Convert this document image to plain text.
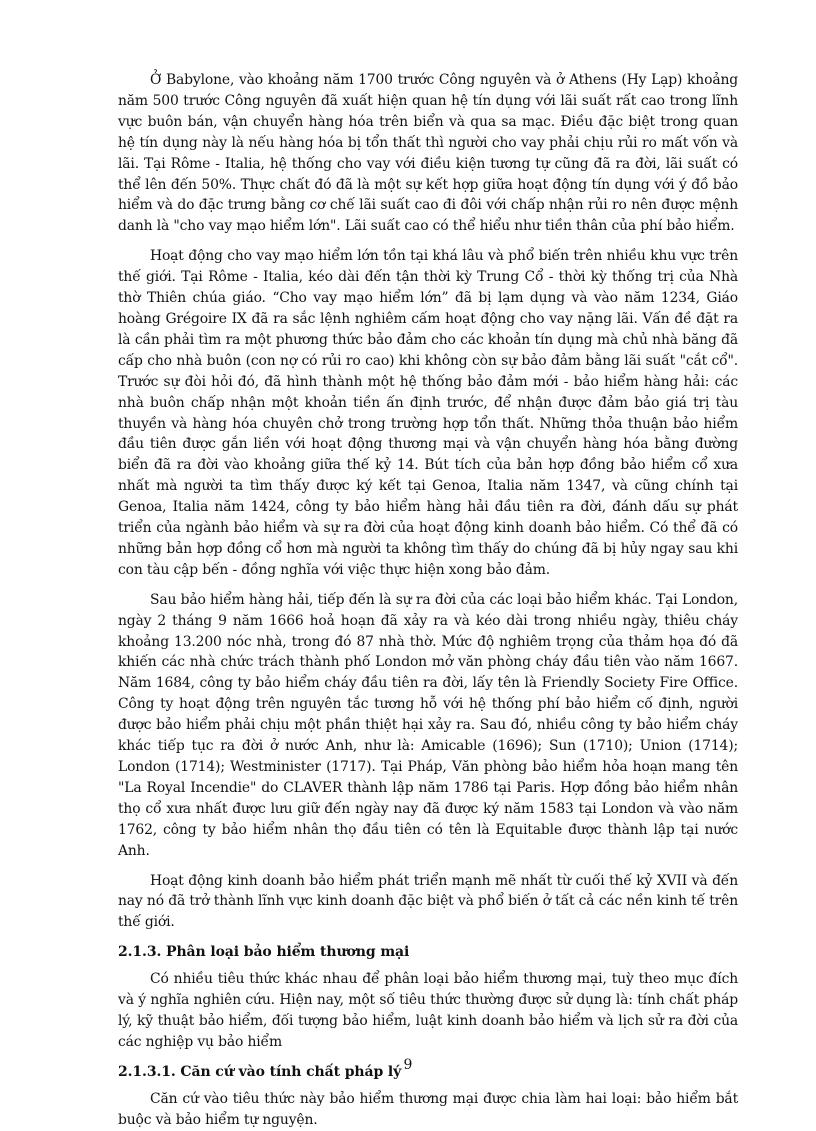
Ở Babylone, vào khoảng năm 1700 trước Công nguyên và ở Athens (Hy Lạp) khoảng năm 500 trước Công nguyên đã xuất hiện quan hệ tín dụng với lãi suất rất cao trong lĩnh vực buôn bán, vận chuyển hàng hóa trên biển và qua sa mạc. Điều đặc biệt trong quan hệ tín dụng này là nếu hàng hóa bị tổn thất thì người cho vay phải chịu rủi ro mất vốn và lãi. Tại Rôme - Italia, hệ thống cho vay với điều kiện tương tự cũng đã ra đời, lãi suất có thể lên đến 50%. Thực chất đó đã là một sự kết hợp giữa hoạt động tín dụng với ý đồ bảo hiểm và do đặc trưng bằng cơ chế lãi suất cao đi đôi với chấp nhận rủi ro nên được mệnh danh là "cho vay mạo hiểm lớn". Lãi suất cao có thể hiểu như tiền thân của phí bảo hiểm.

Hoạt động cho vay mạo hiểm lớn tồn tại khá lâu và phổ biến trên nhiều khu vực trên thế giới. Tại Rôme - Italia, kéo dài đến tận thời kỳ Trung Cổ - thời kỳ thống trị của Nhà thờ Thiên chúa giáo. “Cho vay mạo hiểm lớn” đã bị lạm dụng và vào năm 1234, Giáo hoàng Grégoire IX đã ra sắc lệnh nghiêm cấm hoạt động cho vay nặng lãi. Vấn đề đặt ra là cần phải tìm ra một phương thức bảo đảm cho các khoản tín dụng mà chủ nhà băng đã cấp cho nhà buôn (con nợ có rủi ro cao) khi không còn sự bảo đảm bằng lãi suất "cắt cổ". Trước sự đòi hỏi đó, đã hình thành một hệ thống bảo đảm mới - bảo hiểm hàng hải: các nhà buôn chấp nhận một khoản tiền ấn định trước, để nhận được đảm bảo giá trị tàu thuyền và hàng hóa chuyên chở trong trường hợp tổn thất. Những thỏa thuận bảo hiểm đầu tiên được gắn liền với hoạt động thương mại và vận chuyển hàng hóa bằng đường biển đã ra đời vào khoảng giữa thế kỷ 14. Bút tích của bản hợp đồng bảo hiểm cổ xưa nhất mà người ta tìm thấy được ký kết tại Genoa, Italia năm 1347, và cũng chính tại Genoa, Italia năm 1424, công ty bảo hiểm hàng hải đầu tiên ra đời, đánh dấu sự phát triển của ngành bảo hiểm và sự ra đời của hoạt động kinh doanh bảo hiểm. Có thể đã có những bản hợp đồng cổ hơn mà người ta không tìm thấy do chúng đã bị hủy ngay sau khi con tàu cập bến - đồng nghĩa với việc thực hiện xong bảo đảm.

Sau bảo hiểm hàng hải, tiếp đến là sự ra đời của các loại bảo hiểm khác. Tại London, ngày 2 tháng 9 năm 1666 hoả hoạn đã xảy ra và kéo dài trong nhiều ngày, thiêu cháy khoảng 13.200 nóc nhà, trong đó 87 nhà thờ. Mức độ nghiêm trọng của thảm họa đó đã khiến các nhà chức trách thành phố London mở văn phòng cháy đầu tiên vào năm 1667. Năm 1684, công ty bảo hiểm cháy đầu tiên ra đời, lấy tên là Friendly Society Fire Office. Công ty hoạt động trên nguyên tắc tương hỗ với hệ thống phí bảo hiểm cố định, người được bảo hiểm phải chịu một phần thiệt hại xảy ra. Sau đó, nhiều công ty bảo hiểm cháy khác tiếp tục ra đời ở nước Anh, như là: Amicable (1696); Sun (1710); Union (1714); London (1714); Westminister (1717). Tại Pháp, Văn phòng bảo hiểm hỏa hoạn mang tên "La Royal Incendie" do CLAVER thành lập năm 1786 tại Paris. Hợp đồng bảo hiểm nhân thọ cổ xưa nhất được lưu giữ đến ngày nay đã được ký năm 1583 tại London và vào năm 1762, công ty bảo hiểm nhân thọ đầu tiên có tên là Equitable được thành lập tại nước Anh.

Hoạt động kinh doanh bảo hiểm phát triển mạnh mẽ nhất từ cuối thế kỷ XVII và đến nay nó đã trở thành lĩnh vực kinh doanh đặc biệt và phổ biến ở tất cả các nền kinh tế trên thế giới.

2.1.3. Phân loại bảo hiểm thương mại

Có nhiều tiêu thức khác nhau để phân loại bảo hiểm thương mại, tuỳ theo mục đích và ý nghĩa nghiên cứu. Hiện nay, một số tiêu thức thường được sử dụng là: tính chất pháp lý, kỹ thuật bảo hiểm, đối tượng bảo hiểm, luật kinh doanh bảo hiểm và lịch sử ra đời của các nghiệp vụ bảo hiểm

2.1.3.1. Căn cứ vào tính chất pháp lý

Căn cứ vào tiêu thức này bảo hiểm thương mại được chia làm hai loại: bảo hiểm bắt buộc và bảo hiểm tự nguyện.

9
